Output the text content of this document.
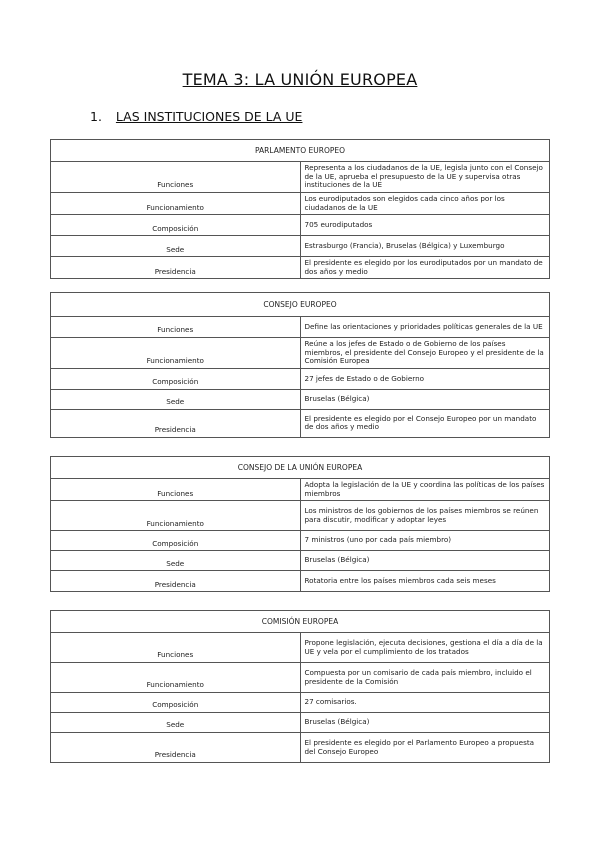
TEMA 3: LA UNIÓN EUROPEA
1. LAS INSTITUCIONES DE LA UE
PARLAMENTO EUROPEO	
Funciones	Representa a los ciudadanos de la UE, legisla junto con el Consejo de la UE, aprueba el presupuesto de la UE y supervisa otras instituciones de la UE
Funcionamiento	Los eurodiputados son elegidos cada cinco años por los ciudadanos de la UE
Composición	705 eurodiputados
Sede	Estrasburgo (Francia), Bruselas (Bélgica) y Luxemburgo
Presidencia	El presidente es elegido por los eurodiputados por un mandato de dos años y medio
CONSEJO EUROPEO	
Funciones	Define las orientaciones y prioridades políticas generales de la UE
Funcionamiento	Reúne a los jefes de Estado o de Gobierno de los países miembros, el presidente del Consejo Europeo y el presidente de la Comisión Europea
Composición	27 jefes de Estado o de Gobierno
Sede	Bruselas (Bélgica)
Presidencia	El presidente es elegido por el Consejo Europeo por un mandato de dos años y medio
CONSEJO DE LA UNIÓN EUROPEA	
Funciones	Adopta la legislación de la UE y coordina las políticas de los países miembros
Funcionamiento	Los ministros de los gobiernos de los países miembros se reúnen para discutir, modificar y adoptar leyes
Composición	7 ministros (uno por cada país miembro)
Sede	Bruselas (Bélgica)
Presidencia	Rotatoria entre los países miembros cada seis meses
COMISIÓN EUROPEA	
Funciones	Propone legislación, ejecuta decisiones, gestiona el día a día de la UE y vela por el cumplimiento de los tratados
Funcionamiento	Compuesta por un comisario de cada país miembro, incluido el presidente de la Comisión
Composición	27 comisarios.
Sede	Bruselas (Bélgica)
Presidencia	El presidente es elegido por el Parlamento Europeo a propuesta del Consejo Europeo
